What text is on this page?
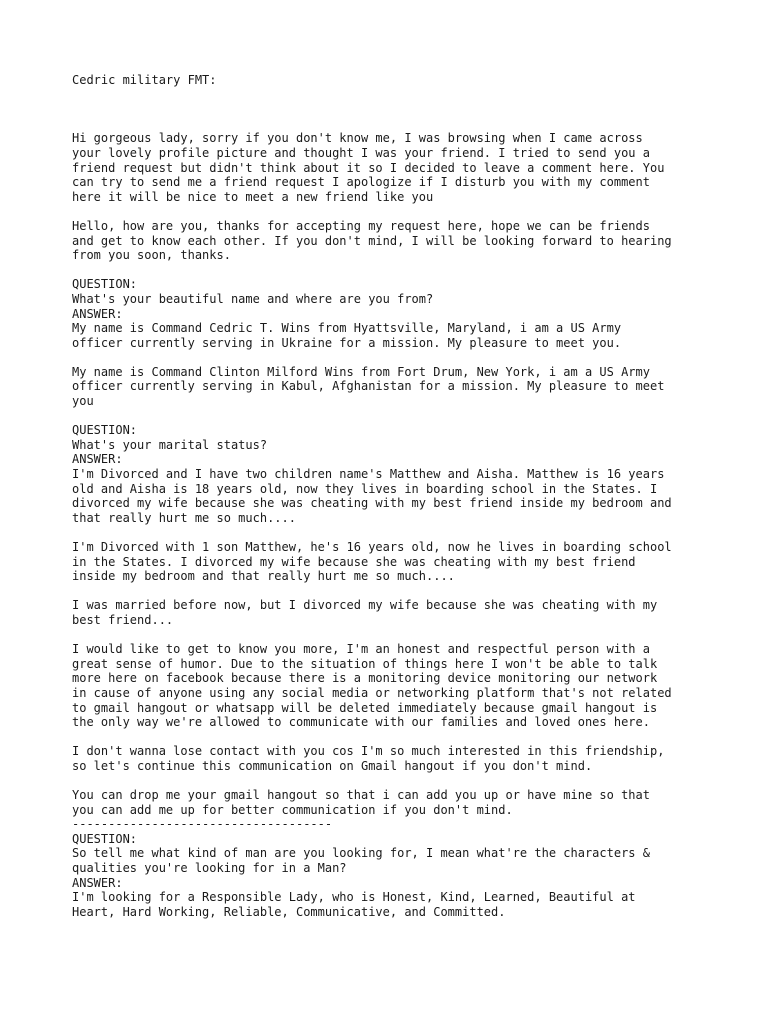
Cedric military FMT:
Hi gorgeous lady, sorry if you don't know me, I was browsing when I came across
your lovely profile picture and thought I was your friend. I tried to send you a
friend request but didn't think about it so I decided to leave a comment here. You
can try to send me a friend request I apologize if I disturb you with my comment
here it will be nice to meet a new friend like you
Hello, how are you, thanks for accepting my request here, hope we can be friends
and get to know each other. If you don't mind, I will be looking forward to hearing
from you soon, thanks.
QUESTION:
What's your beautiful name and where are you from?
ANSWER:
My name is Command Cedric T. Wins from Hyattsville, Maryland, i am a US Army
officer currently serving in Ukraine for a mission. My pleasure to meet you.
My name is Command Clinton Milford Wins from Fort Drum, New York, i am a US Army
officer currently serving in Kabul, Afghanistan for a mission. My pleasure to meet
you
QUESTION:
What's your marital status?
ANSWER:
I'm Divorced and I have two children name's Matthew and Aisha. Matthew is 16 years
old and Aisha is 18 years old, now they lives in boarding school in the States. I
divorced my wife because she was cheating with my best friend inside my bedroom and
that really hurt me so much....
I'm Divorced with 1 son Matthew, he's 16 years old, now he lives in boarding school
in the States. I divorced my wife because she was cheating with my best friend
inside my bedroom and that really hurt me so much....
I was married before now, but I divorced my wife because she was cheating with my
best friend...
I would like to get to know you more, I'm an honest and respectful person with a
great sense of humor. Due to the situation of things here I won't be able to talk
more here on facebook because there is a monitoring device monitoring our network
in cause of anyone using any social media or networking platform that's not related
to gmail hangout or whatsapp will be deleted immediately because gmail hangout is
the only way we're allowed to communicate with our families and loved ones here.
I don't wanna lose contact with you cos I'm so much interested in this friendship,
so let's continue this communication on Gmail hangout if you don't mind.
You can drop me your gmail hangout so that i can add you up or have mine so that
you can add me up for better communication if you don't mind.
------------------------------------
QUESTION:
So tell me what kind of man are you looking for, I mean what're the characters &
qualities you're looking for in a Man?
ANSWER:
I'm looking for a Responsible Lady, who is Honest, Kind, Learned, Beautiful at
Heart, Hard Working, Reliable, Communicative, and Committed.
